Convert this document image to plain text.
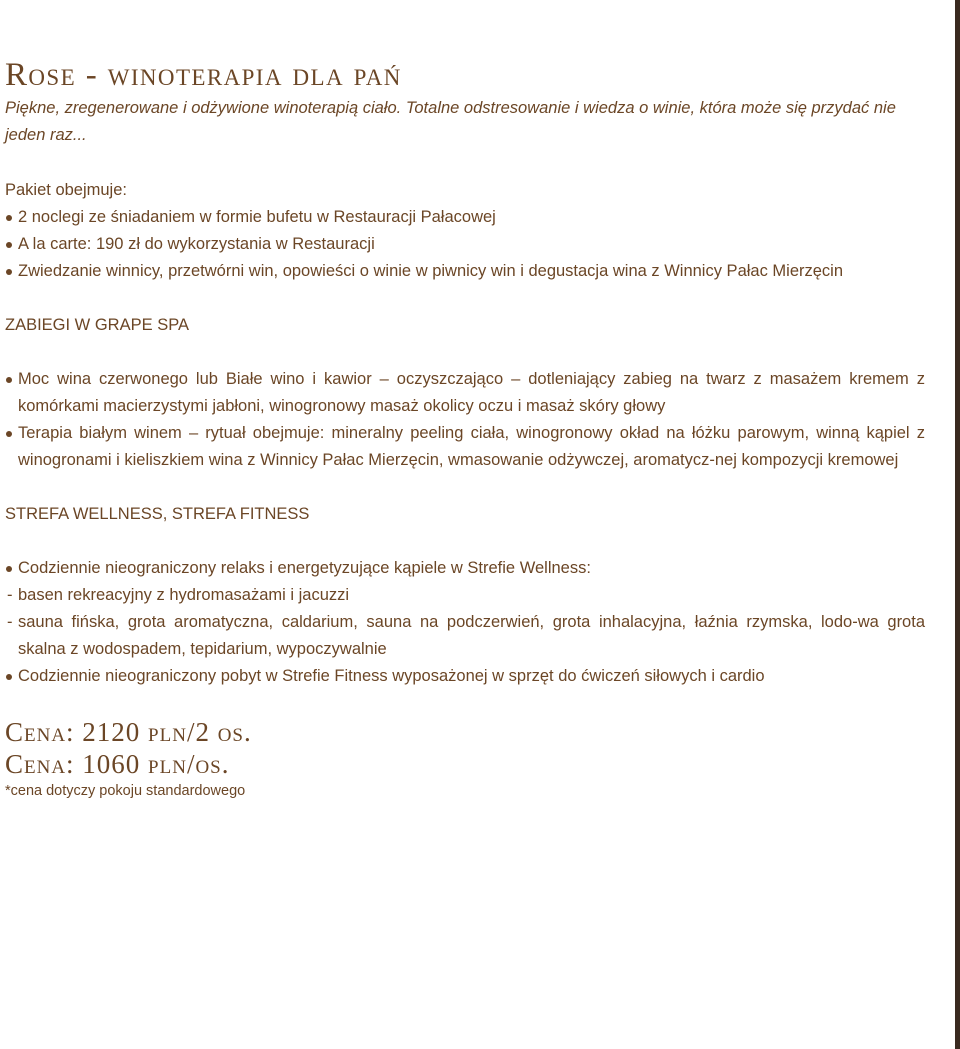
Rose - winoterapia dla pań

Piękne, zregenerowane i odżywione winoterapią ciało. Totalne odstresowanie i wiedza o winie, która może się przydać nie jeden raz...

Pakiet obejmuje:

2 noclegi ze śniadaniem w formie bufetu w Restauracji Pałacowej

A la carte: 190 zł do wykorzystania w Restauracji

Zwiedzanie winnicy, przetwórni win, opowieści o winie w piwnicy win i degustacja wina z Winnicy Pałac Mierzęcin

ZABIEGI W GRAPE SPA

Moc wina czerwonego lub Białe wino i kawior – oczyszczająco – dotleniający zabieg na twarz z masażem kremem z komórkami macierzystymi jabłoni, winogronowy masaż okolicy oczu i masaż skóry głowy

Terapia białym winem – rytuał obejmuje: mineralny peeling ciała, winogronowy okład na łóżku parowym, winną kąpiel z winogronami i kieliszkiem wina z Winnicy Pałac Mierzęcin, wmasowanie odżywczej, aromatycz-nej kompozycji kremowej

STREFA WELLNESS, STREFA FITNESS

Codziennie nieograniczony relaks i energetyzujące kąpiele w Strefie Wellness:

- basen rekreacyjny z hydromasażami i jacuzzi

- sauna fińska, grota aromatyczna, caldarium, sauna na podczerwień, grota inhalacyjna, łaźnia rzymska, lodo-wa grota skalna z wodospadem, tepidarium, wypoczywalnie

Codziennie nieograniczony pobyt w Strefie Fitness wyposażonej w sprzęt do ćwiczeń siłowych i cardio

Cena: 2120 pln/2 os.

Cena: 1060 pln/os.

*cena dotyczy pokoju standardowego
